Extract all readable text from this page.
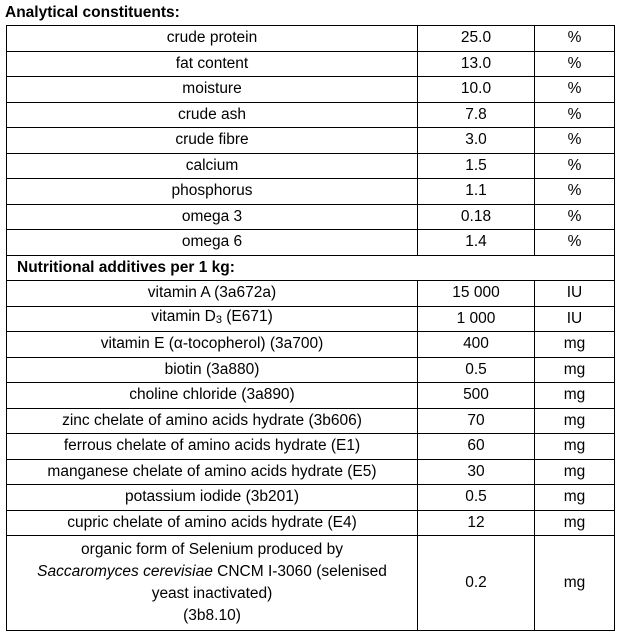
Analytical constituents:
crude protein	25.0	%
fat content	13.0	%
moisture	10.0	%
crude ash	7.8	%
crude fibre	3.0	%
calcium	1.5	%
phosphorus	1.1	%
omega 3	0.18	%
omega 6	1.4	%
Nutritional additives per 1 kg:		
vitamin A (3a672a)	15 000	IU
vitamin D3 (E671)	1 000	IU
vitamin E (α-tocopherol) (3a700)	400	mg
biotin (3a880)	0.5	mg
choline chloride (3a890)	500	mg
zinc chelate of amino acids hydrate (3b606)	70	mg
ferrous chelate of amino acids hydrate (E1)	60	mg
manganese chelate of amino acids hydrate (E5)	30	mg
potassium iodide (3b201)	0.5	mg
cupric chelate of amino acids hydrate (E4)	12	mg
organic form of Selenium produced by
Saccaromyces cerevisiae CNCM I-3060 (selenised
yeast inactivated)
(3b8.10)	0.2	mg
